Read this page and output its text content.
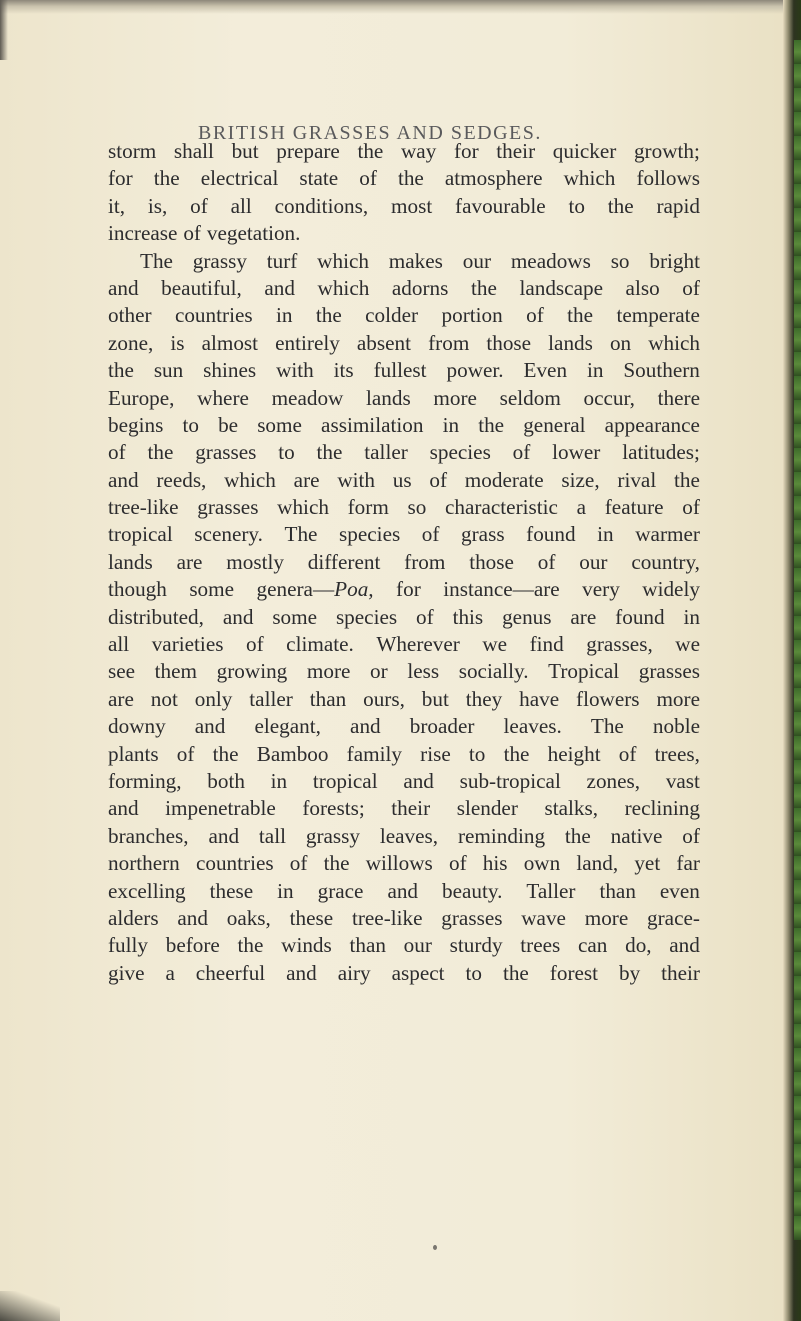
BRITISH GRASSES AND SEDGES.
storm shall but prepare the way for their quicker growth;
for the electrical state of the atmosphere which follows
it, is, of all conditions, most favourable to the rapid
increase of vegetation.
The grassy turf which makes our meadows so bright
and beautiful, and which adorns the landscape also of
other countries in the colder portion of the temperate
zone, is almost entirely absent from those lands on which
the sun shines with its fullest power. Even in Southern
Europe, where meadow lands more seldom occur, there
begins to be some assimilation in the general appearance
of the grasses to the taller species of lower latitudes;
and reeds, which are with us of moderate size, rival the
tree-like grasses which form so characteristic a feature of
tropical scenery. The species of grass found in warmer
lands are mostly different from those of our country,
though some genera—Poa, for instance—are very widely
distributed, and some species of this genus are found in
all varieties of climate. Wherever we find grasses, we
see them growing more or less socially. Tropical grasses
are not only taller than ours, but they have flowers more
downy and elegant, and broader leaves. The noble
plants of the Bamboo family rise to the height of trees,
forming, both in tropical and sub-tropical zones, vast
and impenetrable forests; their slender stalks, reclining
branches, and tall grassy leaves, reminding the native of
northern countries of the willows of his own land, yet far
excelling these in grace and beauty. Taller than even
alders and oaks, these tree-like grasses wave more grace-
fully before the winds than our sturdy trees can do, and
give a cheerful and airy aspect to the forest by their
